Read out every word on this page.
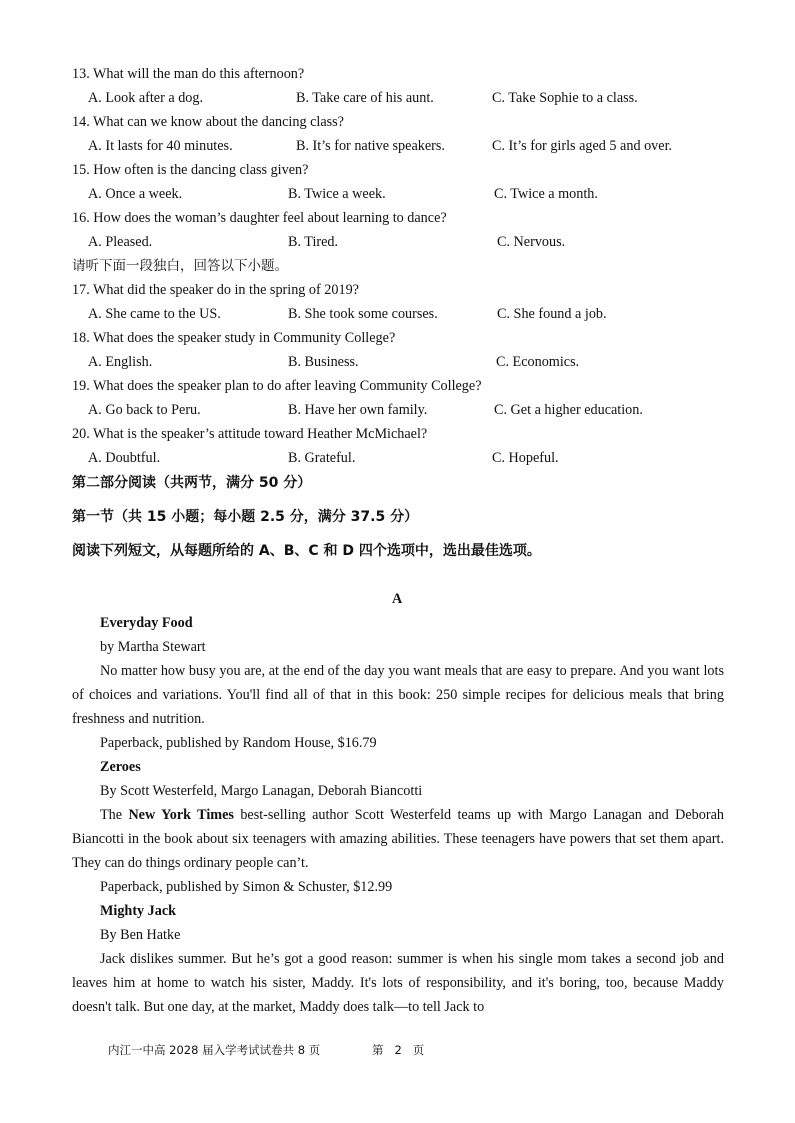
13. What will the man do this afternoon?
A. Look after a dog.	B. Take care of his aunt.	C. Take Sophie to a class.
14. What can we know about the dancing class?
A. It lasts for 40 minutes.	B. It’s for native speakers.	C. It’s for girls aged 5 and over.
15. How often is the dancing class given?
A. Once a week.	B. Twice a week.	C. Twice a month.
16. How does the woman’s daughter feel about learning to dance?
A. Pleased.	B. Tired.	C. Nervous.
请听下面一段独白，回答以下小题。
17. What did the speaker do in the spring of 2019?
A. She came to the US.	B. She took some courses.	C. She found a job.
18. What does the speaker study in Community College?
A. English.	B. Business.	C. Economics.
19. What does the speaker plan to do after leaving Community College?
A. Go back to Peru.	B. Have her own family.	C. Get a higher education.
20. What is the speaker’s attitude toward Heather McMichael?
A. Doubtful.	B. Grateful.	C. Hopeful.
第二部分阅读（共两节，满分 50 分）
第一节（共 15 小题；每小题 2.5 分，满分 37.5 分）
阅读下列短文，从每题所给的 A、B、C 和 D 四个选项中，选出最佳选项。
A
Everyday Food
by Martha Stewart
No matter how busy you are, at the end of the day you want meals that are easy to prepare. And you want lots of choices and variations. You'll find all of that in this book: 250 simple recipes for delicious meals that bring freshness and nutrition.
Paperback, published by Random House, $16.79
Zeroes
By Scott Westerfeld, Margo Lanagan, Deborah Biancotti
The New York Times best-selling author Scott Westerfeld teams up with Margo Lanagan and Deborah Biancotti in the book about six teenagers with amazing abilities. These teenagers have powers that set them apart. They can do things ordinary people can’t.
Paperback, published by Simon & Schuster, $12.99
Mighty Jack
By Ben Hatke
Jack dislikes summer. But he’s got a good reason: summer is when his single mom takes a second job and leaves him at home to watch his sister, Maddy. It's lots of responsibility, and it's boring, too, because Maddy doesn't talk. But one day, at the market, Maddy does talk—to tell Jack to
内江一中高 2028 届入学考试试卷共 8 页	第   2   页
